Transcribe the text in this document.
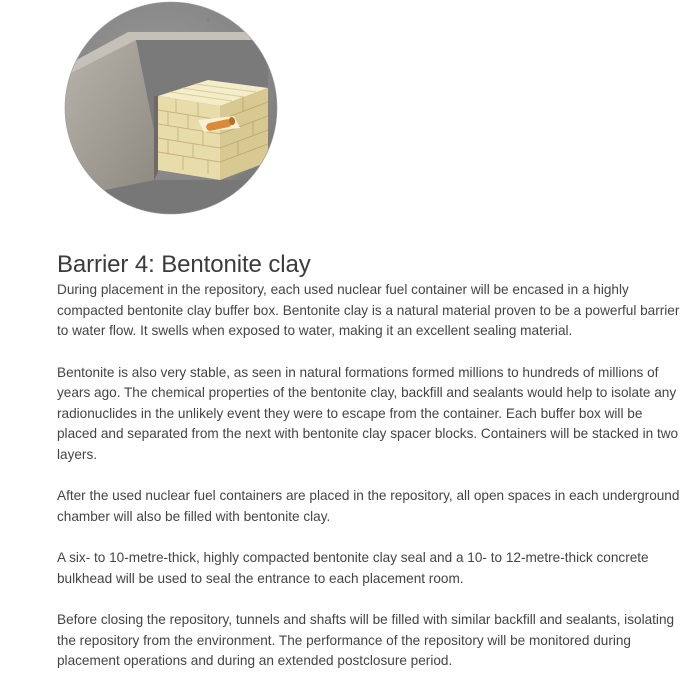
Barrier 4: Bentonite clay

During placement in the repository, each used nuclear fuel container will be encased in a highly compacted bentonite clay buffer box. Bentonite clay is a natural material proven to be a powerful barrier to water flow. It swells when exposed to water, making it an excellent sealing material.

Bentonite is also very stable, as seen in natural formations formed millions to hundreds of millions of years ago. The chemical properties of the bentonite clay, backfill and sealants would help to isolate any radionuclides in the unlikely event they were to escape from the container. Each buffer box will be placed and separated from the next with bentonite clay spacer blocks. Containers will be stacked in two layers.

After the used nuclear fuel containers are placed in the repository, all open spaces in each underground chamber will also be filled with bentonite clay.

A six- to 10-metre-thick, highly compacted bentonite clay seal and a 10- to 12-metre-thick concrete bulkhead will be used to seal the entrance to each placement room.

Before closing the repository, tunnels and shafts will be filled with similar backfill and sealants, isolating the repository from the environment. The performance of the repository will be monitored during placement operations and during an extended postclosure period.
